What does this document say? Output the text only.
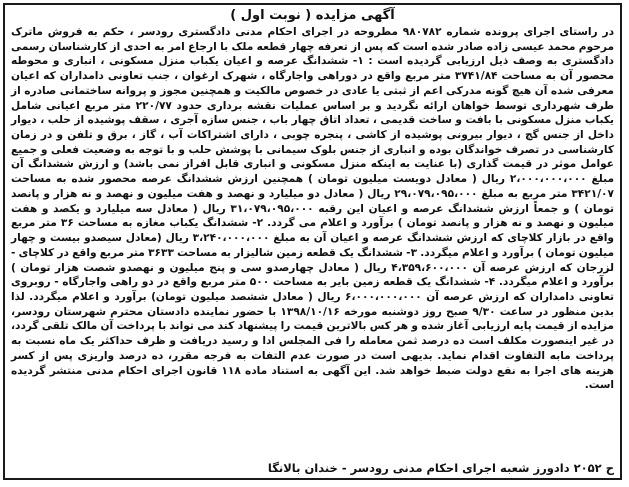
آگهی مزایده ( نوبت اول )
در راستای اجرای پرونده شماره ۹۸۰۷۸۲ مطروحه در اجرای احکام مدنی دادگستری رودسر ، حکم به فروش ماترک مرحوم محمد عیسی زاده صادر شده است که پس از تعرفه چهار قطعه ملک با ارجاع امر به احدی از کارشناسان رسمی دادگستری به وصف ذیل ارزیابی گردیده است : ۱- ششدانگ عرصه و اعیان یکباب منزل مسکونی ، انباری و محوطه محصور آن به مساحت ۳۷۴۱/۸۴ متر مربع واقع در دوراهی واجارگاه ، شهرک ارغوان ، جنب تعاونی دامداران که اعیان معرفی شده آن هیچ گونه مدرکی اعم از ثبتی یا عادی در خصوص مالکیت و همچنین مجوز و پروانه ساختمانی صادره از طرف شهرداری توسط خواهان ارائه نگردید و بر اساس عملیات نقشه برداری حدود ۲۲۰/۷۷ متر مربع اعیانی شامل یکباب منزل مسکونی با بافت و ساخت قدیمی ، تعداد اتاق چهار باب ، جنس سازه آجری ، سقف پوشیده از حلب ، دیوار داخل از جنس گچ ، دیوار بیرونی پوشیده از کاشی ، پنجره چوبی ، دارای اشتراکات آب ، گاز ، برق و تلفن و در زمان کارشناسی در تصرف خواندگان بوده و انباری از جنس بلوک سیمانی با پوشش حلب و با توجه به وضعیت فعلی و جمیع عوامل موثر در قیمت گذاری (با عنایت به اینکه منزل مسکونی و انباری قابل افراز نمی باشد) و ارزش ششدانگ آن مبلغ ۲،۰۰۰،۰۰۰،۰۰۰ ریال ( معادل دویست میلیون تومان ) همچنین ارزش ششدانگ عرصه محصور شده به مساحت ۳۴۲۱/۰۷ متر مربع به مبلغ ۲۹،۰۷۹،۰۹۵،۰۰۰ ریال ( معادل دو میلیارد و نهصد و هفت میلیون و نهصد و نه هزار و پانصد تومان ) و جمعاً ارزش ششدانگ عرصه و اعیان این رقبه ۳۱،۰۷۹،۰۹۵،۰۰۰ ریال ( معادل سه میلیارد و یکصد و هفت میلیون و نهصد و نه هزار و پانصد تومان ) برآورد و اعلام می گردد. ۲- ششدانگ یکباب مغازه به مساحت ۳۶ متر مربع واقع در بازار کلاچای که ارزش ششدانگ عرصه و اعیان آن به مبلغ ۳،۲۴۰،۰۰۰،۰۰۰ ریال (معادل سیصدو بیست و چهار میلیون تومان ) برآورد و اعلام میگردد. ۳- ششدانگ یک قطعه زمین شالیزار به مساحت ۳۶۳۳ متر مربع واقع در کلاچای - لزرجان که ارزش عرصه آن ۴،۳۵۹،۶۰۰،۰۰۰ ریال ( معادل چهارصدو سی و پنج میلیون و نهصدو شصت هزار تومان ) برآورد و اعلام میگردد. ۴- ششدانگ یک قطعه زمین بایر به مساحت ۵۰۰ متر مربع واقع در دو راهی واجارگاه - روبروی تعاونی دامداران که ارزش عرصه آن ۶،۰۰۰،۰۰۰،۰۰۰ ریال ( معادل ششصد میلیون تومان) برآورد و اعلام میگردد. لذا بدین منظور در ساعت ۹/۳۰ صبح روز دوشنبه مورخه ۱۳۹۸/۱۰/۱۶ با حضور نماینده دادستان محترم شهرستان رودسر، مزایده از قیمت پایه ارزیابی آغاز شده و هر کس بالاترین قیمت را پیشنهاد کند می تواند با پرداخت آن مالک تلقی گردد، در غیر اینصورت مکلف است ده درصد ثمن معامله را فی المجلس ادا و رسید دریافت و ظرف حداکثر یک ماه نسبت به پرداخت مابه التفاوت اقدام نماید. بدیهی است در صورت عدم التفات به فرجه مقرر، ده درصد واریزی پس از کسر هزینه های اجرا به نفع دولت ضبط خواهد شد. این آگهی به استناد ماده ۱۱۸ قانون اجرای احکام مدنی منتشر گردیده است.
ح ۲۰۵۲ دادورز شعبه اجرای احکام مدنی رودسر - خندان بالانگا
